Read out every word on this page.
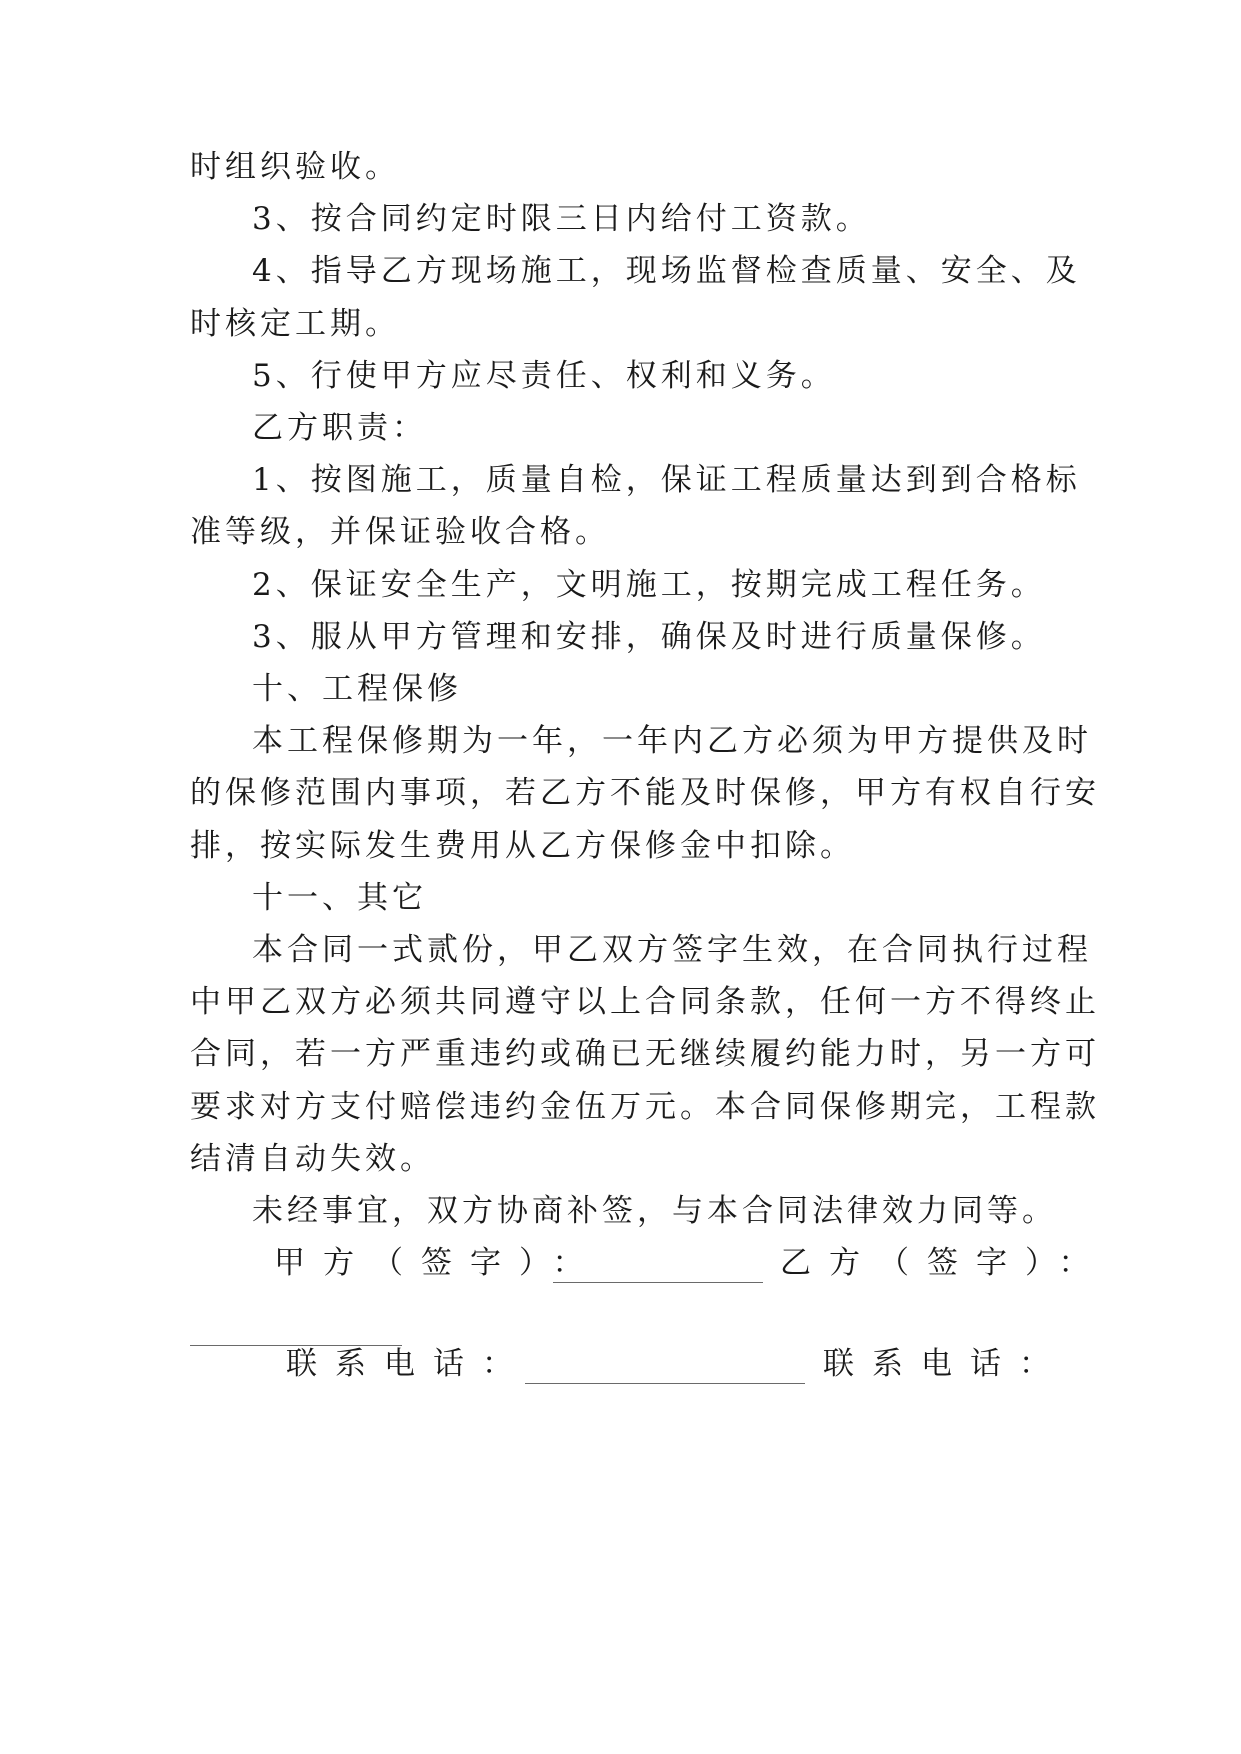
时组织验收。
3、按合同约定时限三日内给付工资款。
4、指导乙方现场施工，现场监督检查质量、安全、及
时核定工期。
5、行使甲方应尽责任、权利和义务。
乙方职责：
1、按图施工，质量自检，保证工程质量达到到合格标
准等级，并保证验收合格。
2、保证安全生产，文明施工，按期完成工程任务。
3、服从甲方管理和安排，确保及时进行质量保修。
十、工程保修
本工程保修期为一年，一年内乙方必须为甲方提供及时
的保修范围内事项，若乙方不能及时保修，甲方有权自行安
排，按实际发生费用从乙方保修金中扣除。
十一、其它
本合同一式贰份，甲乙双方签字生效，在合同执行过程
中甲乙双方必须共同遵守以上合同条款，任何一方不得终止
合同，若一方严重违约或确已无继续履约能力时，另一方可
要求对方支付赔偿违约金伍万元。本合同保修期完，工程款
结清自动失效。
未经事宜，双方协商补签，与本合同法律效力同等。
甲方（签字）：	乙方（签字）：
联系电话：	联系电话：
